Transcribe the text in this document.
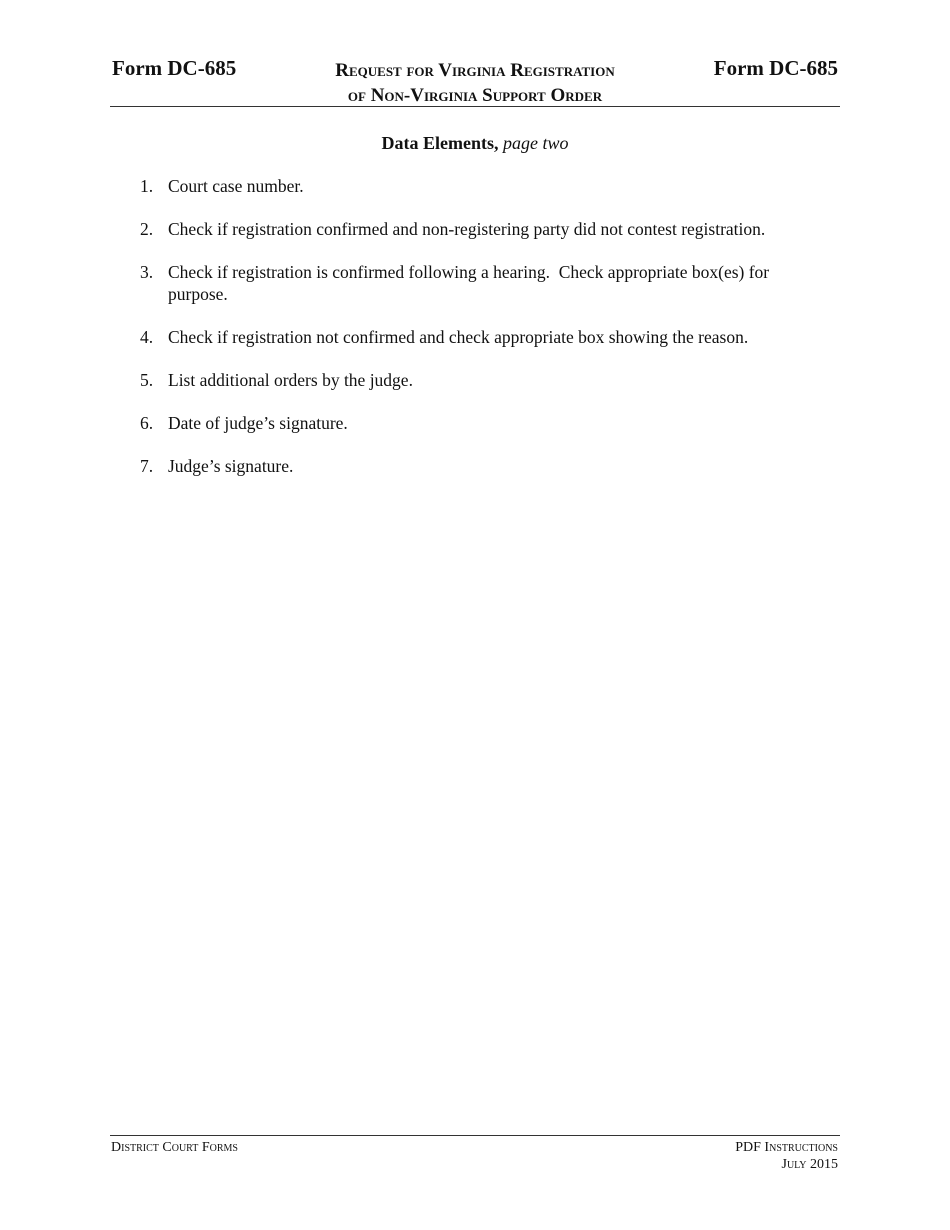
Form DC-685	Request for Virginia Registration
of Non-Virginia Support Order
Form DC-685
Data Elements, page two
1. Court case number.
2. Check if registration confirmed and non-registering party did not contest registration.
3. Check if registration is confirmed following a hearing.  Check appropriate box(es) for purpose.
4. Check if registration not confirmed and check appropriate box showing the reason.
5. List additional orders by the judge.
6. Date of judge’s signature.
7. Judge’s signature.
District Court Forms	PDF Instructions
July 2015
